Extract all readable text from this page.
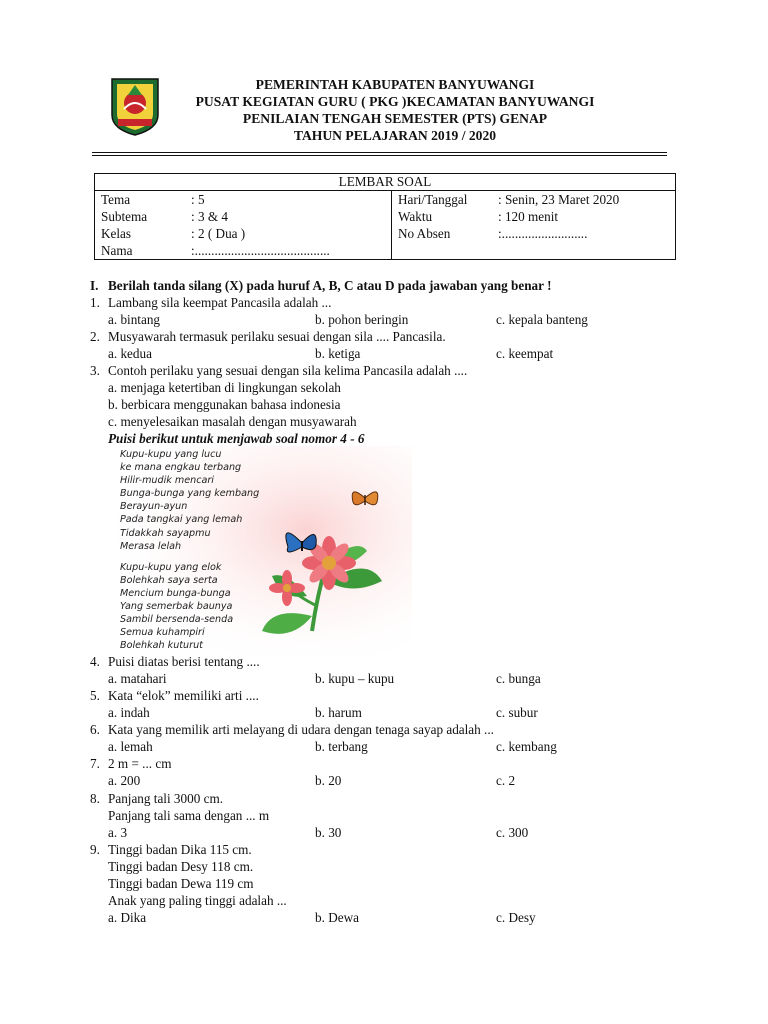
PEMERINTAH KABUPATEN BANYUWANGI
PUSAT KEGIATAN GURU ( PKG )KECAMATAN BANYUWANGI
PENILAIAN TENGAH SEMESTER (PTS) GENAP
TAHUN PELAJARAN 2019 / 2020
LEMBAR SOAL

Tema	: 5
Subtema	: 3 & 4
Kelas	: 2 ( Dua )
Nama	:.........................................

Hari/Tanggal	: Senin, 23 Maret 2020
Waktu	: 120 menit
No Absen	:..........................
I. Berilah tanda silang (X) pada huruf A, B, C atau D pada jawaban yang benar !
1. Lambang sila keempat Pancasila adalah ...
a. bintang	b. pohon beringin	c. kepala banteng
2. Musyawarah termasuk perilaku sesuai dengan sila .... Pancasila.
a. kedua	b. ketiga	c. keempat
3. Contoh perilaku yang sesuai dengan sila kelima Pancasila adalah ....
a. menjaga ketertiban di lingkungan sekolah
b. berbicara menggunakan bahasa indonesia
c. menyelesaikan masalah dengan musyawarah
Puisi berikut untuk menjawab soal nomor 4 - 6
Kupu-kupu yang lucu
ke mana engkau terbang
Hilir-mudik mencari
Bunga-bunga yang kembang
Berayun-ayun
Pada tangkai yang lemah
Tidakkah sayapmu
Merasa lelah
Kupu-kupu yang elok
Bolehkah saya serta
Mencium bunga-bunga
Yang semerbak baunya
Sambil bersenda-senda
Semua kuhampiri
Bolehkah kuturut
4. Puisi diatas berisi tentang ....
a. matahari	b. kupu – kupu	c. bunga
5. Kata “elok” memiliki arti ....
a. indah	b. harum	c. subur
6. Kata yang memilik arti melayang di udara dengan tenaga sayap adalah ...
a. lemah	b. terbang	c. kembang
7. 2 m = ... cm
a. 200	b. 20	c. 2
8. Panjang tali 3000 cm.
Panjang tali sama dengan ... m
a. 3	b. 30	c. 300
9. Tinggi badan Dika 115 cm.
Tinggi badan Desy 118 cm.
Tinggi badan Dewa 119 cm
Anak yang paling tinggi adalah ...
a. Dika	b. Dewa	c. Desy
